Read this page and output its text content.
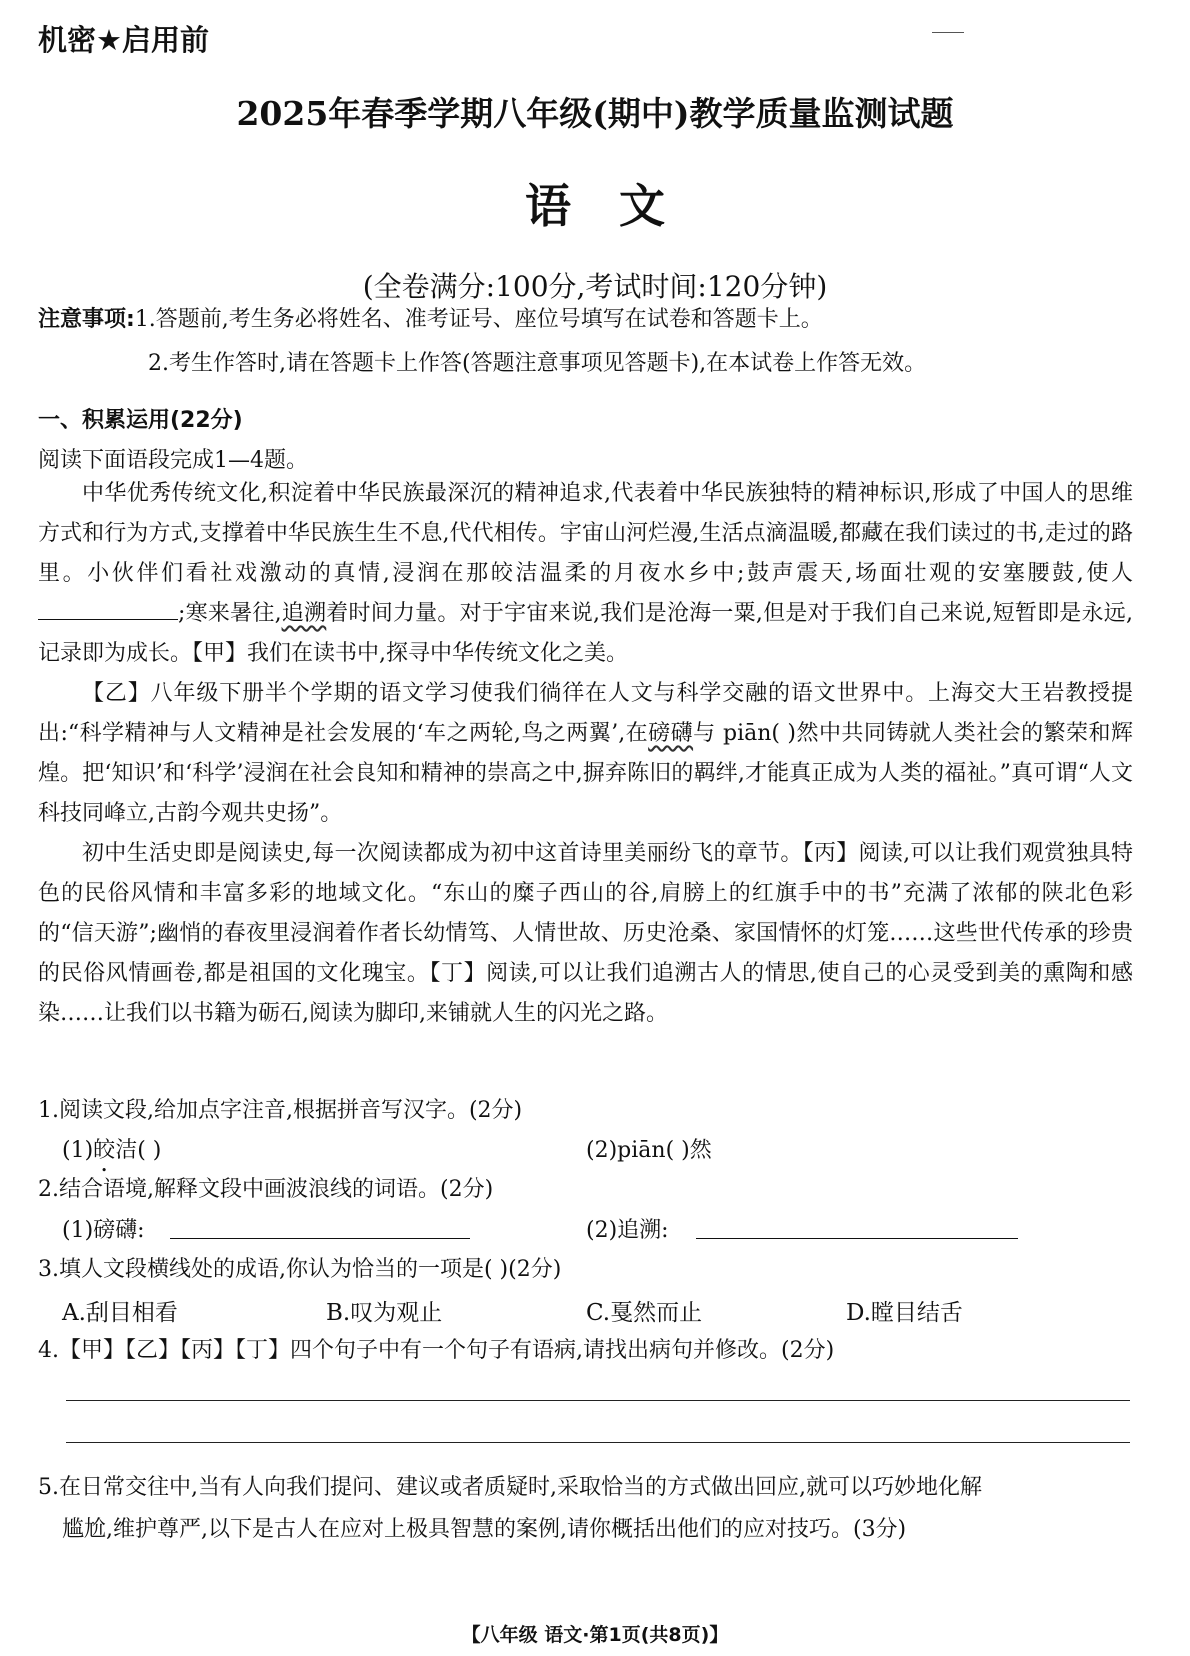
机密★启用前
2025年春季学期八年级(期中)教学质量监测试题
语文
(全卷满分:100分,考试时间:120分钟)
注意事项:1.答题前,考生务必将姓名、准考证号、座位号填写在试卷和答题卡上。
2.考生作答时,请在答题卡上作答(答题注意事项见答题卡),在本试卷上作答无效。
一、积累运用(22分)
阅读下面语段完成1—4题。

中华优秀传统文化,积淀着中华民族最深沉的精神追求,代表着中华民族独特的精神标识,形成了中国人的思维方式和行为方式,支撑着中华民族生生不息,代代相传。宇宙山河烂漫,生活点滴温暖,都藏在我们读过的书,走过的路里。小伙伴们看社戏激动的真情,浸润在那皎洁温柔的月夜水乡中;鼓声震天,场面壮观的安塞腰鼓,使人;寒来暑往,追溯着时间力量。对于宇宙来说,我们是沧海一粟,但是对于我们自己来说,短暂即是永远,记录即为成长。【甲】我们在读书中,探寻中华传统文化之美。

【乙】八年级下册半个学期的语文学习使我们徜徉在人文与科学交融的语文世界中。上海交大王岩教授提出:“科学精神与人文精神是社会发展的‘车之两轮,鸟之两翼’,在磅礴与 piān( )然中共同铸就人类社会的繁荣和辉煌。把‘知识’和‘科学’浸润在社会良知和精神的崇高之中,摒弃陈旧的羁绊,才能真正成为人类的福祉。”真可谓“人文科技同峰立,古韵今观共史扬”。

初中生活史即是阅读史,每一次阅读都成为初中这首诗里美丽纷飞的章节。【丙】阅读,可以让我们观赏独具特色的民俗风情和丰富多彩的地域文化。“东山的糜子西山的谷,肩膀上的红旗手中的书”充满了浓郁的陕北色彩的“信天游”;幽悄的春夜里浸润着作者长幼情笃、人情世故、历史沧桑、家国情怀的灯笼……这些世代传承的珍贵的民俗风情画卷,都是祖国的文化瑰宝。【丁】阅读,可以让我们追溯古人的情思,使自己的心灵受到美的熏陶和感染……让我们以书籍为砺石,阅读为脚印,来铺就人生的闪光之路。

1.阅读文段,给加点字注音,根据拼音写汉字。(2分)
(1)皎洁( )	(2)piān( )然
2.结合语境,解释文段中画波浪线的词语。(2分)
(1)磅礴:	(2)追溯:
3.填人文段横线处的成语,你认为恰当的一项是( )(2分)
A.刮目相看	B.叹为观止	C.戛然而止	D.瞠目结舌
4.【甲】【乙】【丙】【丁】四个句子中有一个句子有语病,请找出病句并修改。(2分)
5.在日常交往中,当有人向我们提问、建议或者质疑时,采取恰当的方式做出回应,就可以巧妙地化解
尴尬,维护尊严,以下是古人在应对上极具智慧的案例,请你概括出他们的应对技巧。(3分)
【八年级 语文·第1页(共8页)】
